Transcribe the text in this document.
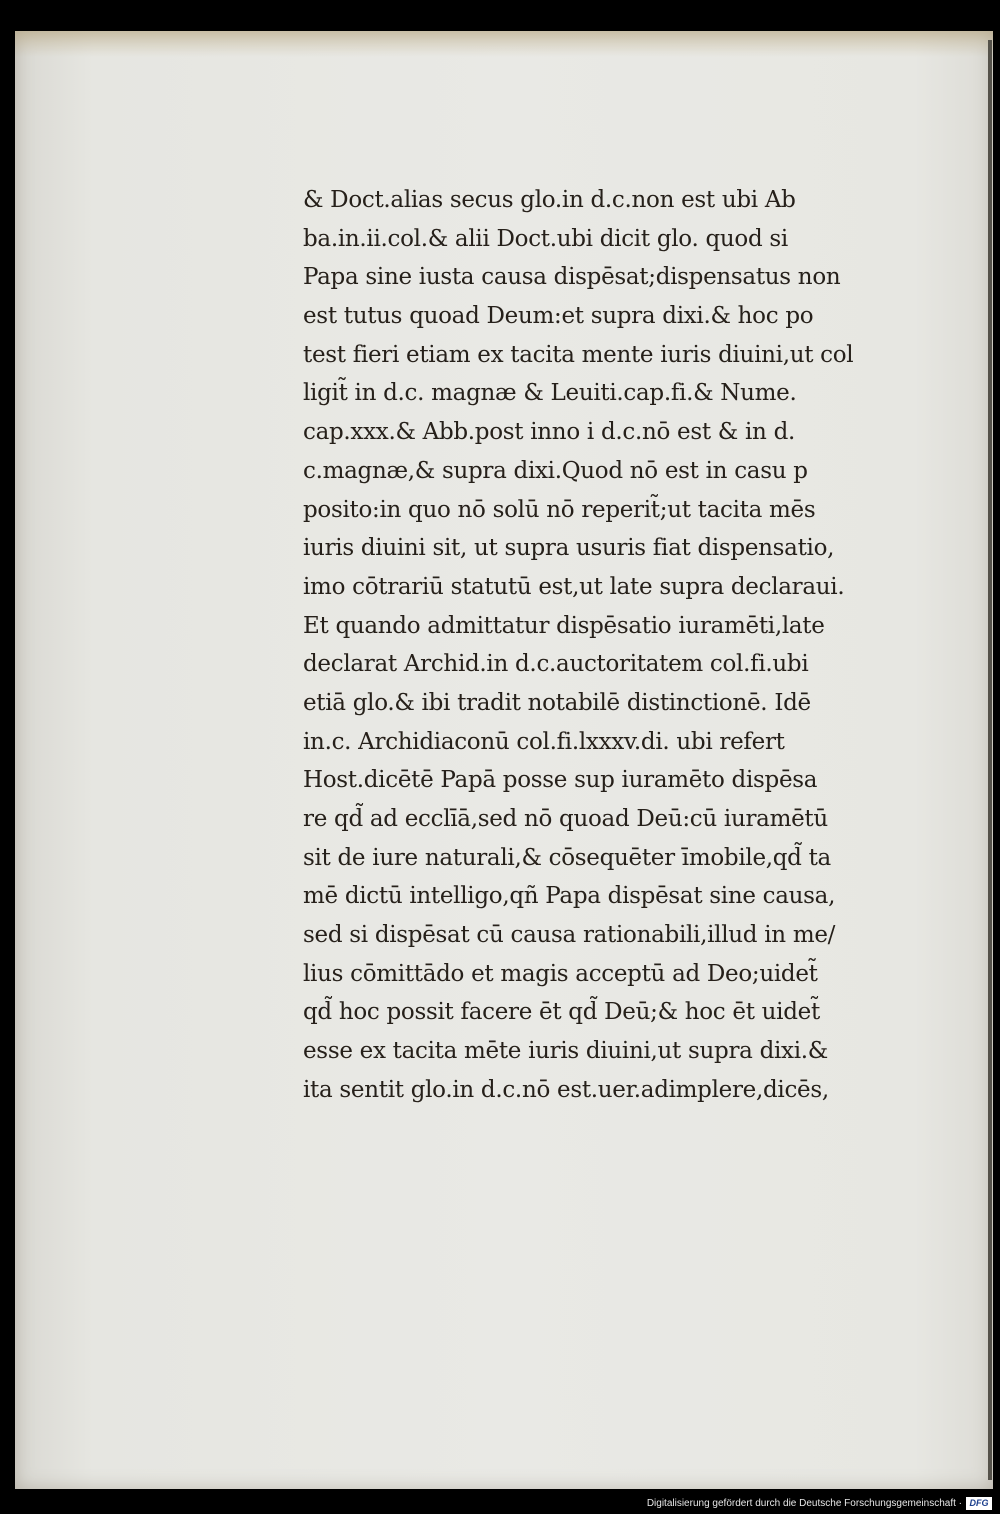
& Doct.alias secus glo.in d.c.non est ubi Ab
ba.in.ii.col.& alii Doct.ubi dicit glo. quod si
Papa sine iusta causa dispēsat;dispensatus non
est tutus quoad Deum:et supra dixi.& hoc po
test fieri etiam ex tacita mente iuris diuini,ut col
ligit̃ in d.c. magnæ & Leuiti.cap.fi.& Nume.
cap.xxx.& Abb.post inno i d.c.nō est & in d.
c.magnæ,& supra dixi.Quod nō est in casu p
posito:in quo nō solū nō reperit̃;ut tacita mēs
iuris diuini sit, ut supra usuris fiat dispensatio,
imo cōtrariū statutū est,ut late supra declaraui.
Et quando admittatur dispēsatio iuramēti,late
declarat Archid.in d.c.auctoritatem col.fi.ubi
etiā glo.& ibi tradit notabilē distinctionē. Idē
in.c. Archidiaconū col.fi.lxxxv.di. ubi refert
Host.dicētē Papā posse sup iuramēto dispēsa
re qd̃ ad ecclīā,sed nō quoad Deū:cū iuramētū
sit de iure naturali,& cōsequēter īmobile,qd̃ ta
mē dictū intelligo,qñ Papa dispēsat sine causa,
sed si dispēsat cū causa rationabili,illud in me/
lius cōmittādo et magis acceptū ad Deo;uidet̃
qd̃ hoc possit facere ēt qd̃ Deū;& hoc ēt uidet̃
esse ex tacita mēte iuris diuini,ut supra dixi.&
ita sentit glo.in d.c.nō est.uer.adimplere,dicēs,
Digitalisierung gefördert durch die Deutsche Forschungsgemeinschaft · DFG
